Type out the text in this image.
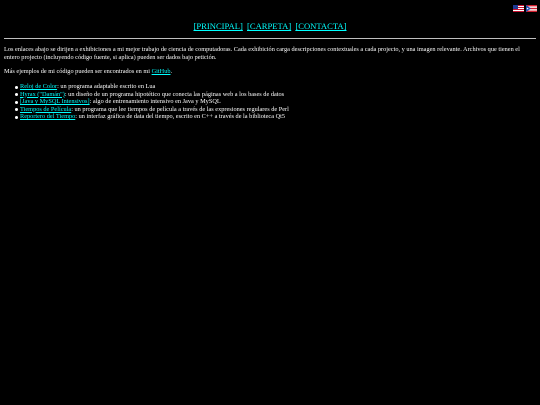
[PRINCIPAL] [CARPETA] [CONTACTA]

Los enlaces abajo se dirijen a exhibiciones a mi mejor trabajo de ciencia de computadoras. Cada exhibición carga descripciones contextuales a cada projecto, y una imagen relevante. Archivos que tienen el entero projecto (incluyendo código fuente, si aplica) pueden ser dados bajo petición.

Más ejemplos de mi código pueden ser encontrados en mi GitHub.

Reloj de Color: un programa adaptable escrito en Lua
Hyrax ("Damán"): un diseño de un programa hipotético que conecta las páginas web a los bases de datos
[Java y MySQL Intensivos]: algo de entrenamiento intensivo en Java y MySQL
Tiempos de Película: un programa que lee tiempos de película a través de las expresiones regulares de Perl
Reportero del Tiempo: un interfaz gráfica de data del tiempo, escrito en C++ a través de la biblioteca Qt5
